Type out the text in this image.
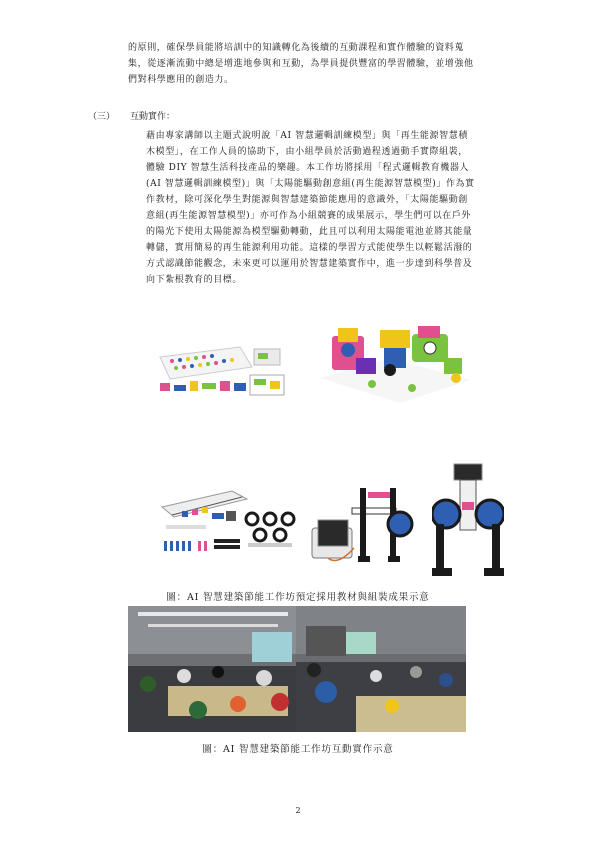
的原則，確保學員能將培訓中的知識轉化為後續的互動課程和實作體驗的資料蒐集，從逐漸流動中總是增進地參與和互動，為學員提供豐富的學習體驗，並增強他們對科學應用的創造力。
（三） 互動實作：
藉由專家講師以主題式說明說「AI 智慧邏輯訓練模型」與「再生能源智慧積木模型」，在工作人員的協助下，由小組學員於活動過程透過動手實際組裝，體驗 DIY 智慧生活科技產品的樂趣。本工作坊將採用「程式邏輯教育機器人(AI 智慧邏輯訓練模型)」與「太陽能驅動創意組(再生能源智慧模型)」作為實作教材，除可深化學生對能源與智慧建築節能應用的意識外，「太陽能驅動創意組(再生能源智慧模型)」亦可作為小組競賽的成果展示，學生們可以在戶外的陽光下使用太陽能源為模型驅動轉動，此且可以利用太陽能電池並將其能量轉儲，實用簡易的再生能源利用功能。這樣的學習方式能使學生以輕鬆活潑的方式認識節能觀念，未來更可以運用於智慧建築實作中，進一步達到科學普及向下紮根教育的目標。
圖：AI 智慧建築節能工作坊預定採用教材與組裝成果示意
圖：AI 智慧建築節能工作坊互動實作示意
2
